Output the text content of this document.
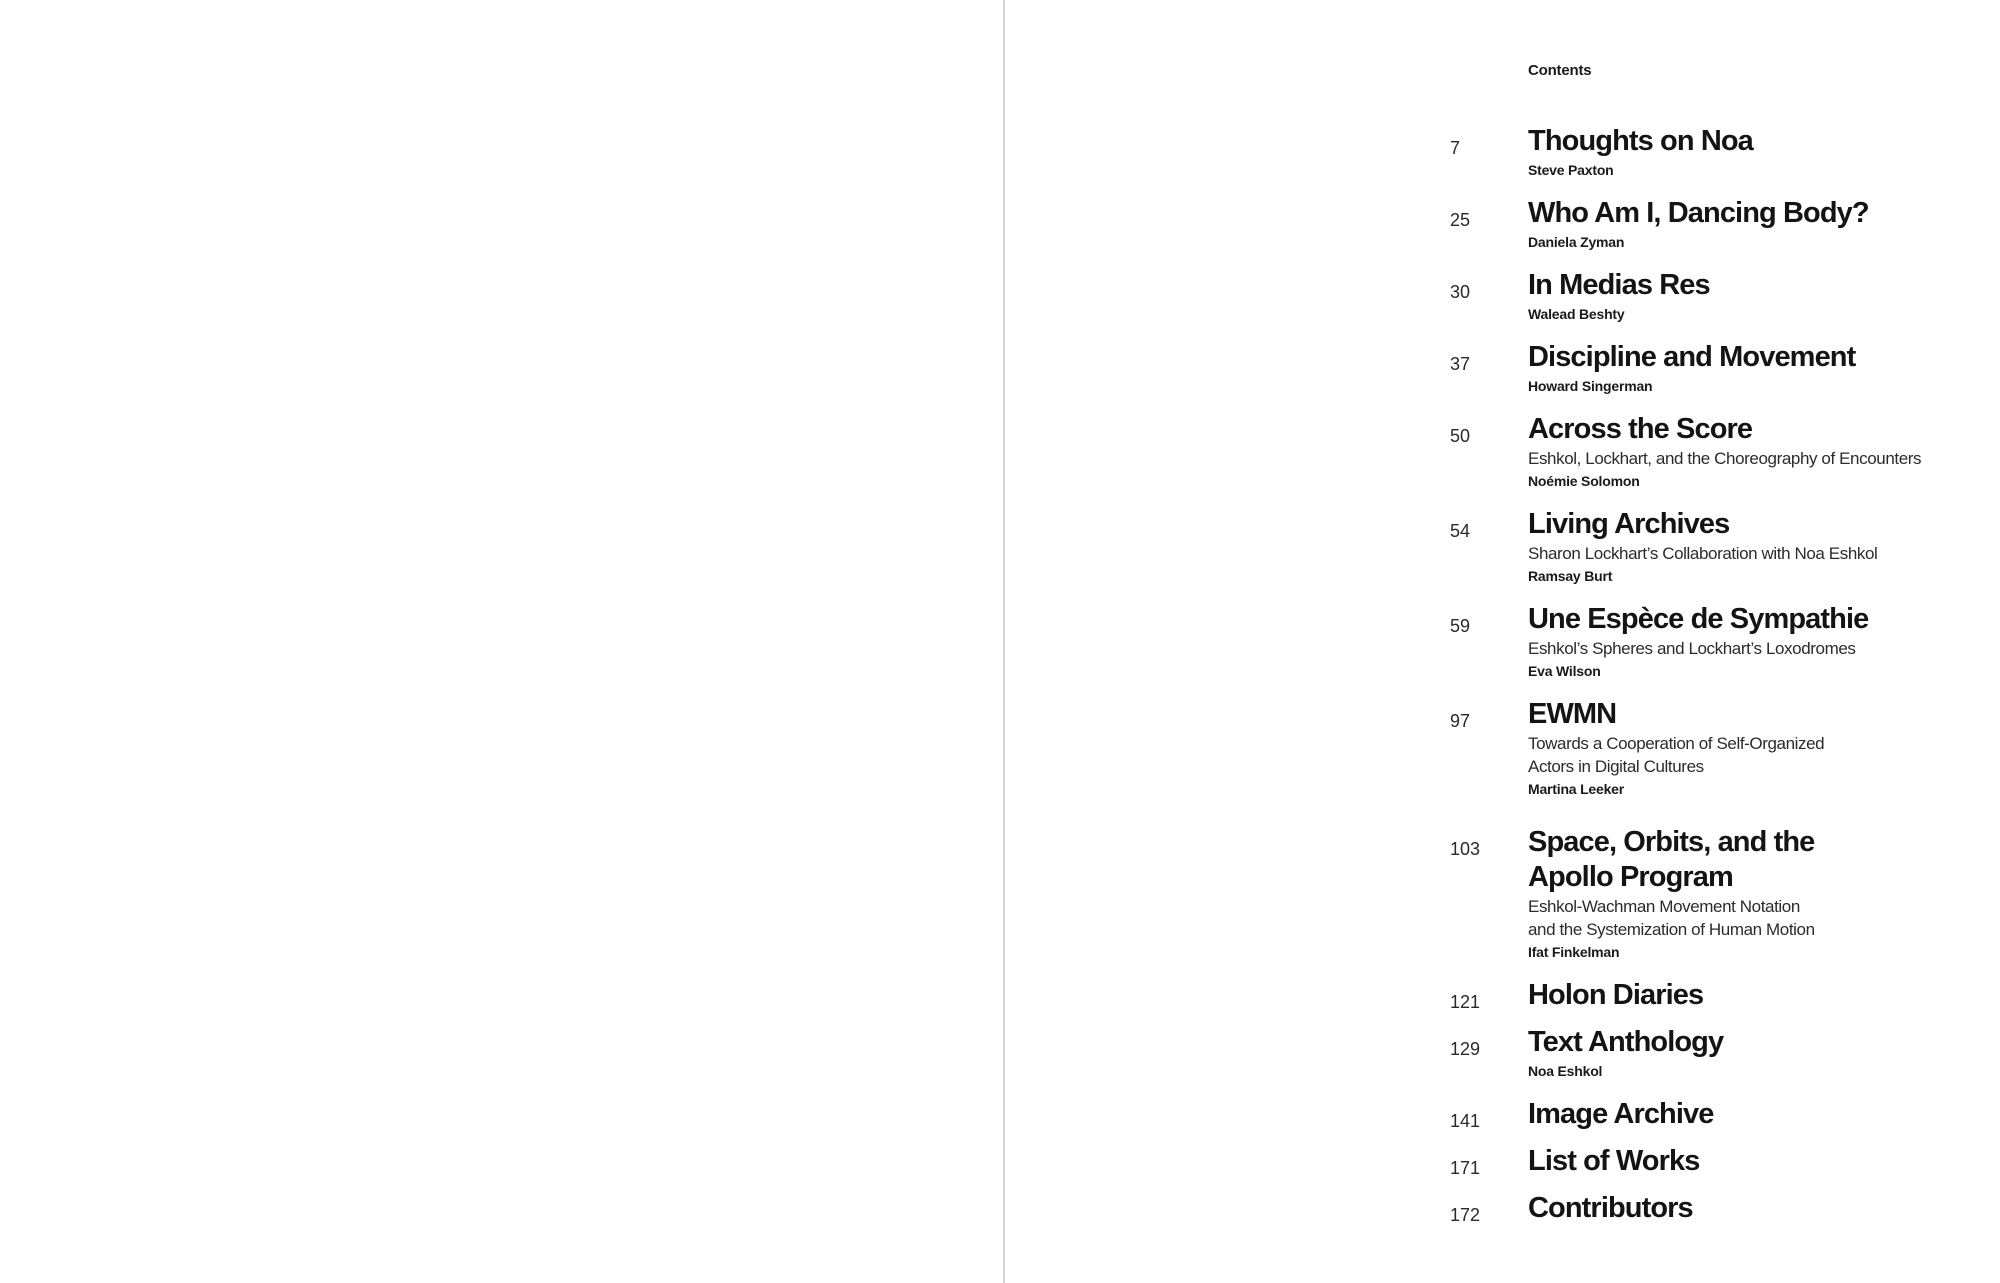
Contents
7	Thoughts on Noa
Steve Paxton
25	Who Am I, Dancing Body?
Daniela Zyman
30	In Medias Res
Walead Beshty
37	Discipline and Movement
Howard Singerman
50	Across the Score
Eshkol, Lockhart, and the Choreography of Encounters
Noémie Solomon
54	Living Archives
Sharon Lockhart’s Collaboration with Noa Eshkol
Ramsay Burt
59	Une Espèce de Sympathie
Eshkol’s Spheres and Lockhart’s Loxodromes
Eva Wilson
97	EWMN
Towards a Cooperation of Self-Organized
Actors in Digital Cultures
Martina Leeker
103	Space, Orbits, and the
Apollo Program
Eshkol-Wachman Movement Notation
and the Systemization of Human Motion
Ifat Finkelman
121	Holon Diaries
129	Text Anthology
Noa Eshkol
141	Image Archive
171	List of Works
172	Contributors
